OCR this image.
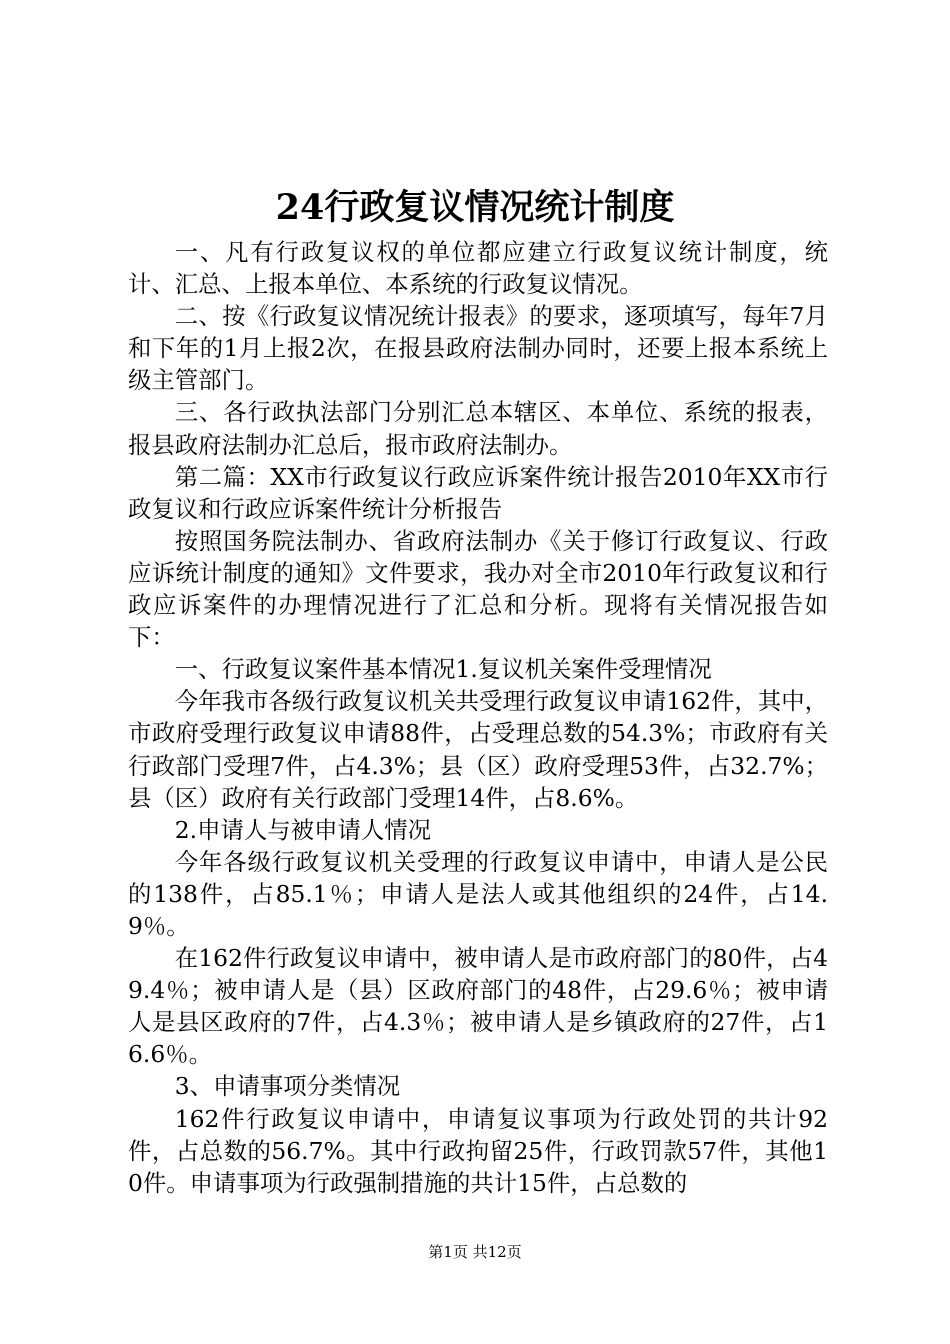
24行政复议情况统计制度

一、凡有行政复议权的单位都应建立行政复议统计制度，统计、汇总、上报本单位、本系统的行政复议情况。

二、按《行政复议情况统计报表》的要求，逐项填写，每年7月和下年的1月上报2次，在报县政府法制办同时，还要上报本系统上级主管部门。

三、各行政执法部门分别汇总本辖区、本单位、系统的报表，报县政府法制办汇总后，报市政府法制办。

第二篇：XX市行政复议行政应诉案件统计报告2010年XX市行政复议和行政应诉案件统计分析报告

按照国务院法制办、省政府法制办《关于修订行政复议、行政应诉统计制度的通知》文件要求，我办对全市2010年行政复议和行政应诉案件的办理情况进行了汇总和分析。现将有关情况报告如下：

一、行政复议案件基本情况1.复议机关案件受理情况

今年我市各级行政复议机关共受理行政复议申请162件，其中，市政府受理行政复议申请88件，占受理总数的54.3%；市政府有关行政部门受理7件，占4.3%；县（区）政府受理53件，占32.7%；县（区）政府有关行政部门受理14件，占8.6%。

2.申请人与被申请人情况

今年各级行政复议机关受理的行政复议申请中，申请人是公民的138件，占85.1％；申请人是法人或其他组织的24件，占14.9％。

在162件行政复议申请中，被申请人是市政府部门的80件，占49.4％；被申请人是（县）区政府部门的48件，占29.6％；被申请人是县区政府的7件，占4.3％；被申请人是乡镇政府的27件，占16.6％。

3、申请事项分类情况

162件行政复议申请中，申请复议事项为行政处罚的共计92件，占总数的56.7%。其中行政拘留25件，行政罚款57件，其他10件。申请事项为行政强制措施的共计15件，占总数的

第1页 共12页
